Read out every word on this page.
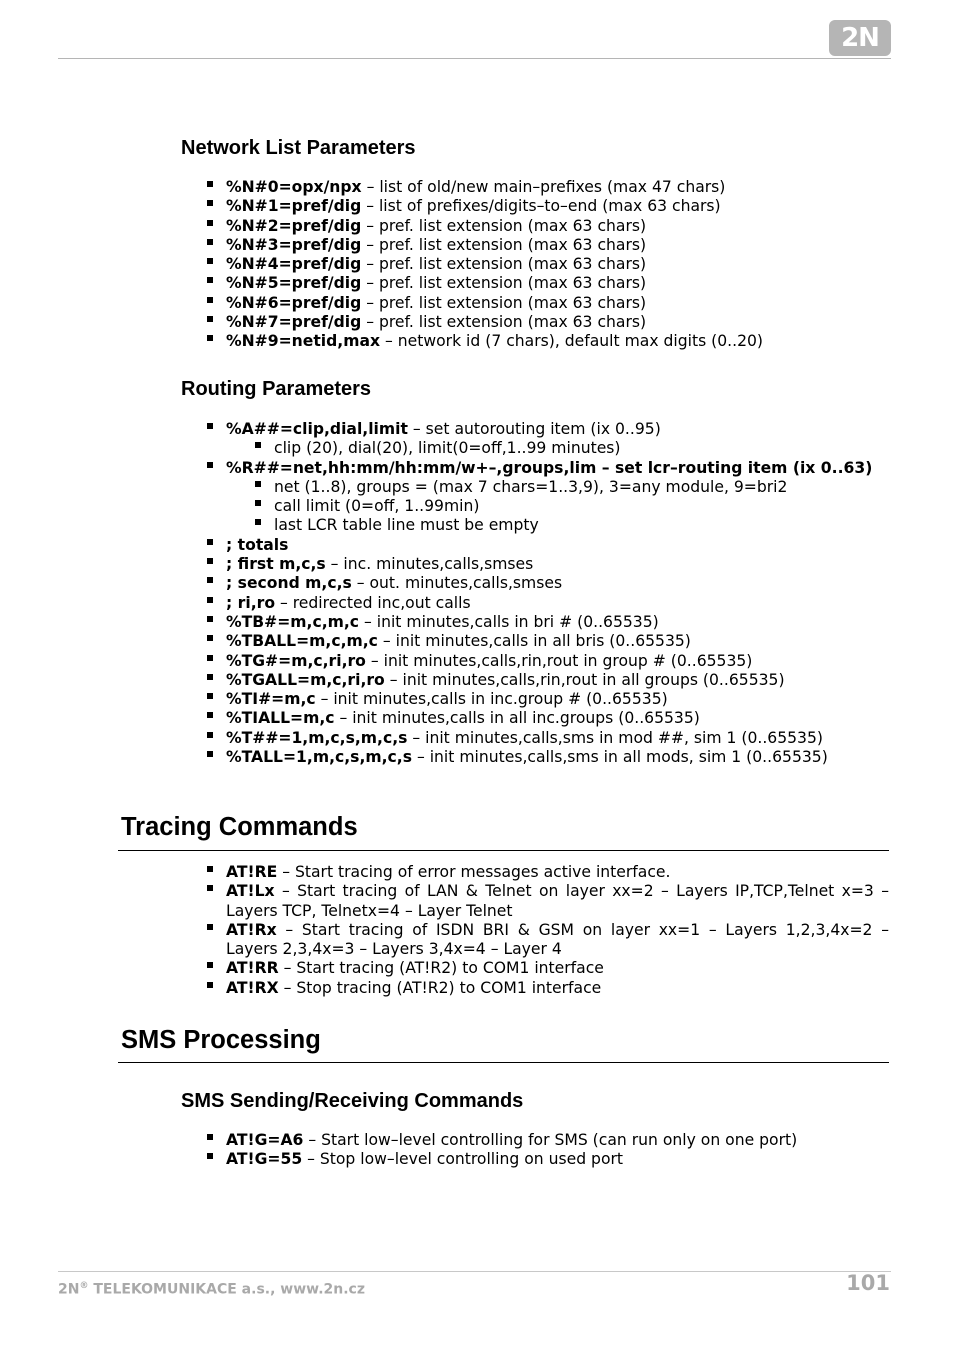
2N
Network List Parameters
%N#0=opx/npx – list of old/new main–prefixes (max 47 chars)
%N#1=pref/dig – list of prefixes/digits–to–end (max 63 chars)
%N#2=pref/dig – pref. list extension (max 63 chars)
%N#3=pref/dig – pref. list extension (max 63 chars)
%N#4=pref/dig – pref. list extension (max 63 chars)
%N#5=pref/dig – pref. list extension (max 63 chars)
%N#6=pref/dig – pref. list extension (max 63 chars)
%N#7=pref/dig – pref. list extension (max 63 chars)
%N#9=netid,max – network id (7 chars), default max digits (0..20)
Routing Parameters
%A##=clip,dial,limit – set autorouting item (ix 0..95)
clip (20), dial(20), limit(0=off,1..99 minutes)
%R##=net,hh:mm/hh:mm/w+–,groups,lim – set lcr–routing item (ix 0..63)
net (1..8), groups = (max 7 chars=1..3,9), 3=any module, 9=bri2
call limit (0=off, 1..99min)
last LCR table line must be empty
; totals
; first m,c,s – inc. minutes,calls,smses
; second m,c,s – out. minutes,calls,smses
; ri,ro – redirected inc,out calls
%TB#=m,c,m,c – init minutes,calls in bri # (0..65535)
%TBALL=m,c,m,c – init minutes,calls in all bris (0..65535)
%TG#=m,c,ri,ro – init minutes,calls,rin,rout in group # (0..65535)
%TGALL=m,c,ri,ro – init minutes,calls,rin,rout in all groups (0..65535)
%TI#=m,c – init minutes,calls in inc.group # (0..65535)
%TIALL=m,c – init minutes,calls in all inc.groups (0..65535)
%T##=1,m,c,s,m,c,s – init minutes,calls,sms in mod ##, sim 1 (0..65535)
%TALL=1,m,c,s,m,c,s – init minutes,calls,sms in all mods, sim 1 (0..65535)
Tracing Commands
AT!RE – Start tracing of error messages active interface.
AT!Lx – Start tracing of LAN & Telnet on layer xx=2 – Layers IP,TCP,Telnet x=3 – Layers TCP, Telnetx=4 – Layer Telnet
AT!Rx – Start tracing of ISDN BRI & GSM on layer xx=1 – Layers 1,2,3,4x=2 – Layers 2,3,4x=3 – Layers 3,4x=4 – Layer 4
AT!RR – Start tracing (AT!R2) to COM1 interface
AT!RX – Stop tracing (AT!R2) to COM1 interface
SMS Processing
SMS Sending/Receiving Commands
AT!G=A6 – Start low–level controlling for SMS (can run only on one port)
AT!G=55 – Stop low–level controlling on used port
2N® TELEKOMUNIKACE a.s., www.2n.cz	101
